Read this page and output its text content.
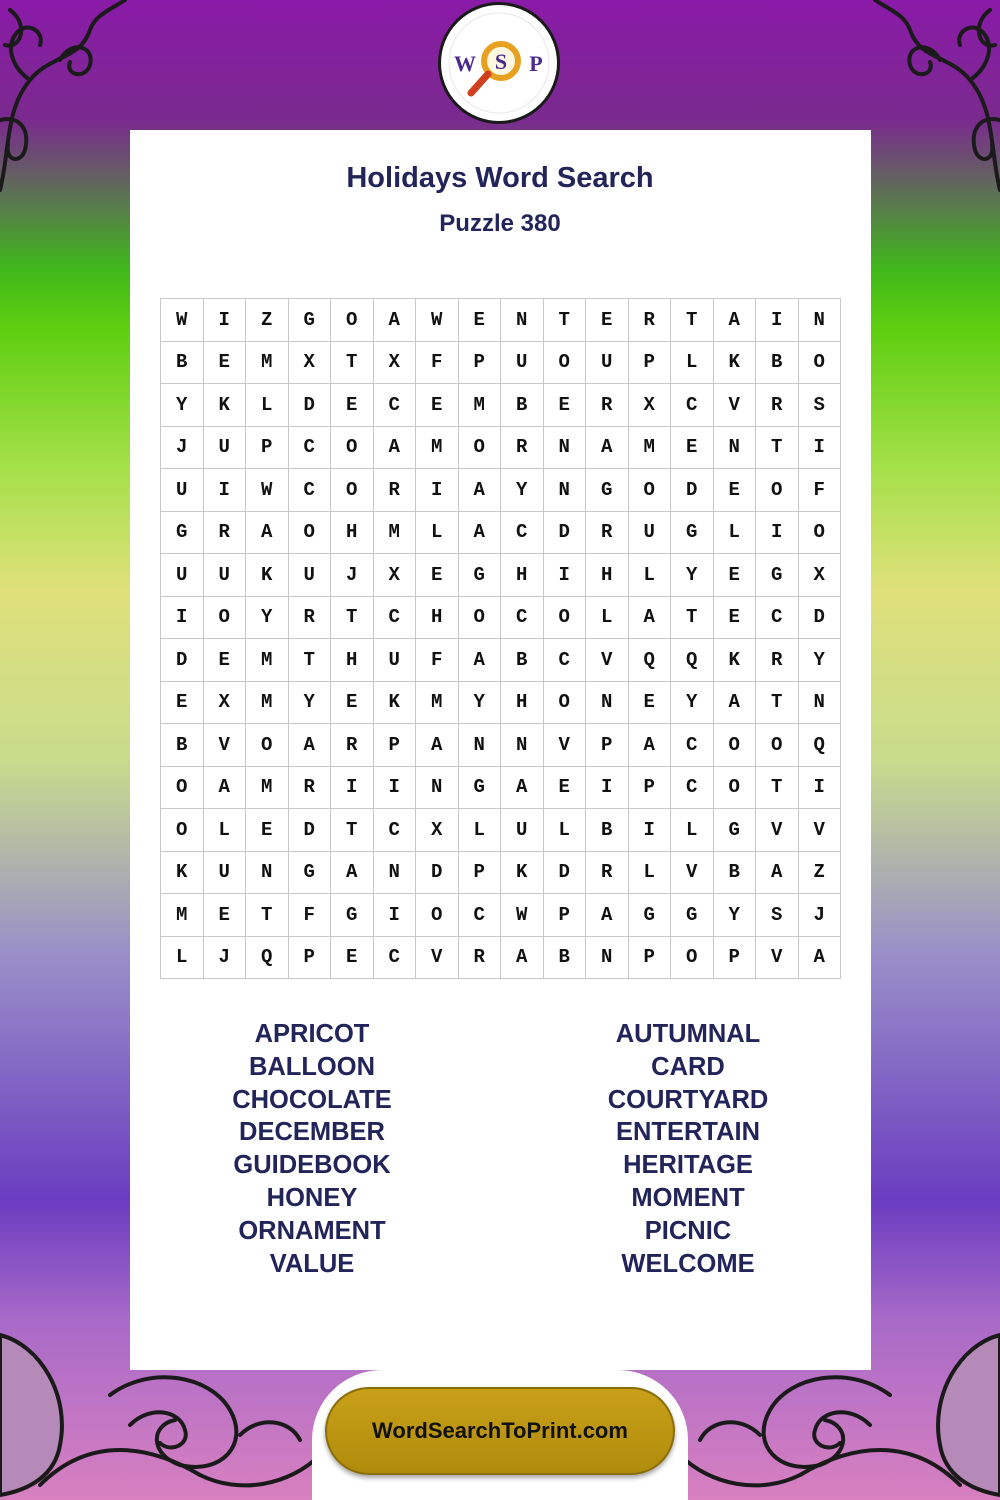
W S P
Holidays Word Search
Puzzle 380
W	I	Z	G	O	A	W	E	N	T	E	R	T	A	I	N
B	E	M	X	T	X	F	P	U	O	U	P	L	K	B	O
Y	K	L	D	E	C	E	M	B	E	R	X	C	V	R	S
J	U	P	C	O	A	M	O	R	N	A	M	E	N	T	I
U	I	W	C	O	R	I	A	Y	N	G	O	D	E	O	F
G	R	A	O	H	M	L	A	C	D	R	U	G	L	I	O
U	U	K	U	J	X	E	G	H	I	H	L	Y	E	G	X
I	O	Y	R	T	C	H	O	C	O	L	A	T	E	C	D
D	E	M	T	H	U	F	A	B	C	V	Q	Q	K	R	Y
E	X	M	Y	E	K	M	Y	H	O	N	E	Y	A	T	N
B	V	O	A	R	P	A	N	N	V	P	A	C	O	O	Q
O	A	M	R	I	I	N	G	A	E	I	P	C	O	T	I
O	L	E	D	T	C	X	L	U	L	B	I	L	G	V	V
K	U	N	G	A	N	D	P	K	D	R	L	V	B	A	Z
M	E	T	F	G	I	O	C	W	P	A	G	G	Y	S	J
L	J	Q	P	E	C	V	R	A	B	N	P	O	P	V	A
APRICOT
BALLOON
CHOCOLATE
DECEMBER
GUIDEBOOK
HONEY
ORNAMENT
VALUE
AUTUMNAL
CARD
COURTYARD
ENTERTAIN
HERITAGE
MOMENT
PICNIC
WELCOME
WordSearchToPrint.com
